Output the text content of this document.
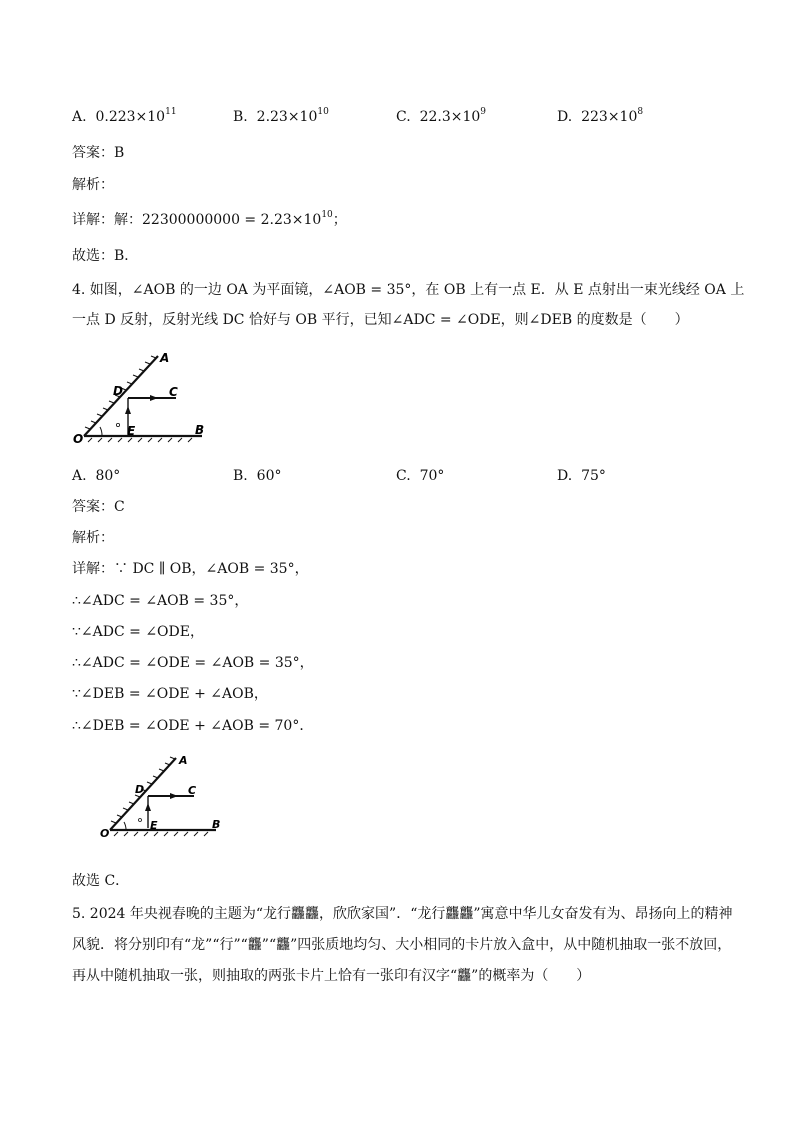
A. $0.223\times 10^{11}$	B. $2.23\times 10^{10}$	C. $22.3\times 10^9$	D. $223\times 10^8$
答案：B
解析：
详解：解：$22300000000 = 2.23\times 10^{10}$；
故选：B．
4. 如图，∠AOB 的一边 OA 为平面镜，∠AOB = 35°，在 OB 上有一点 E．从 E 点射出一束光线经 OA 上
一点 D 反射，反射光线 DC 恰好与 OB 平行，已知∠ADC = ∠ODE，则∠DEB 的度数是（　　）
A
D	C
E
O
B
A. 80°	B. 60°	C. 70°	D. 75°
答案：C
解析：
详解：∵ DC ∥ OB，∠AOB = 35°，
∴∠ADC = ∠AOB = 35°，
∵∠ADC = ∠ODE，
∴∠ADC = ∠ODE = ∠AOB = 35°，
∵∠DEB = ∠ODE + ∠AOB，
∴∠DEB = ∠ODE + ∠AOB = 70°．
A
D	C
E
O
B
故选 C．
5. 2024 年央视春晚的主题为“龙行龘龘，欣欣家国”．“龙行龘龘”寓意中华儿女奋发有为、昂扬向上的精神
风貌．将分别印有“龙”“行”“龘”“龘”四张质地均匀、大小相同的卡片放入盒中，从中随机抽取一张不放回，
再从中随机抽取一张，则抽取的两张卡片上恰有一张印有汉字“龘”的概率为（　　）
